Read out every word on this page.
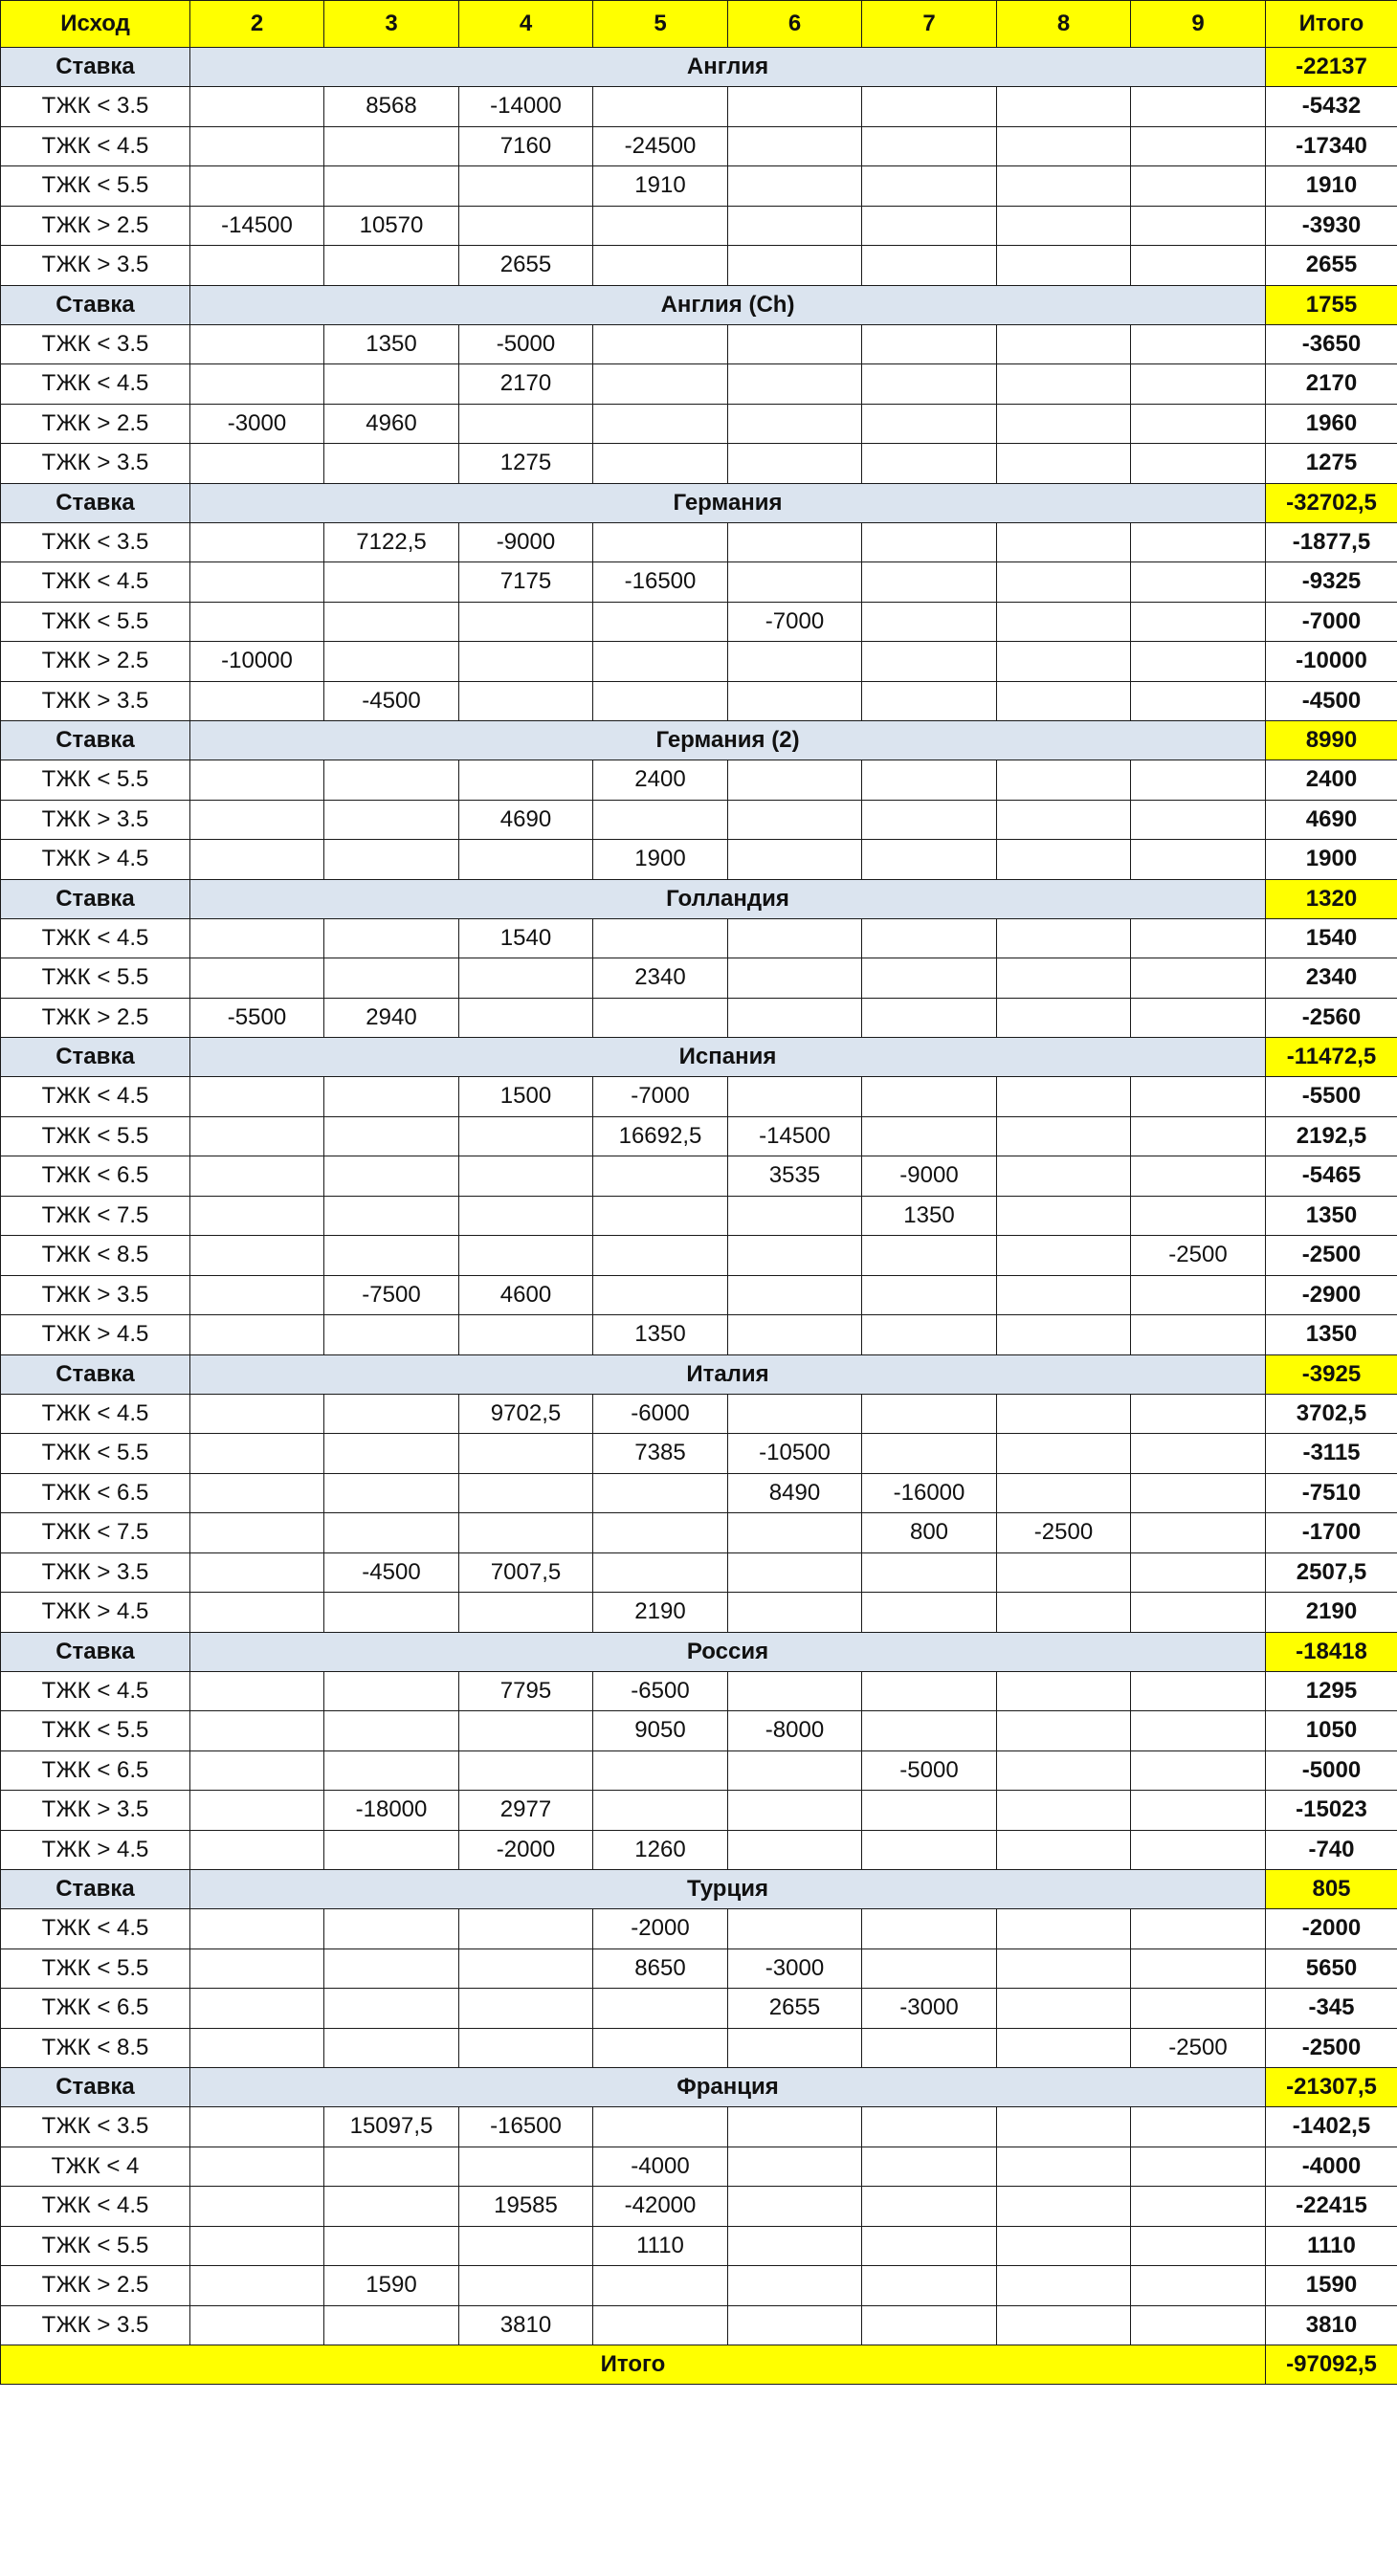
Исход	2	3	4	5	6	7	8	9	Итого
Ставка	Англия								-22137
ТЖК < 3.5		8568	-14000						-5432
ТЖК < 4.5			7160	-24500					-17340
ТЖК < 5.5				1910					1910
ТЖК > 2.5	-14500	10570							-3930
ТЖК > 3.5			2655						2655
Ставка	Англия (Ch)								1755
ТЖК < 3.5		1350	-5000						-3650
ТЖК < 4.5			2170						2170
ТЖК > 2.5	-3000	4960							1960
ТЖК > 3.5			1275						1275
Ставка	Германия								-32702,5
ТЖК < 3.5		7122,5	-9000						-1877,5
ТЖК < 4.5			7175	-16500					-9325
ТЖК < 5.5					-7000				-7000
ТЖК > 2.5	-10000								-10000
ТЖК > 3.5		-4500							-4500
Ставка	Германия (2)								8990
ТЖК < 5.5				2400					2400
ТЖК > 3.5			4690						4690
ТЖК > 4.5				1900					1900
Ставка	Голландия								1320
ТЖК < 4.5			1540						1540
ТЖК < 5.5				2340					2340
ТЖК > 2.5	-5500	2940							-2560
Ставка	Испания								-11472,5
ТЖК < 4.5			1500	-7000					-5500
ТЖК < 5.5				16692,5	-14500				2192,5
ТЖК < 6.5					3535	-9000			-5465
ТЖК < 7.5						1350			1350
ТЖК < 8.5								-2500	-2500
ТЖК > 3.5		-7500	4600						-2900
ТЖК > 4.5				1350					1350
Ставка	Италия								-3925
ТЖК < 4.5			9702,5	-6000					3702,5
ТЖК < 5.5				7385	-10500				-3115
ТЖК < 6.5					8490	-16000			-7510
ТЖК < 7.5						800	-2500		-1700
ТЖК > 3.5		-4500	7007,5						2507,5
ТЖК > 4.5				2190					2190
Ставка	Россия								-18418
ТЖК < 4.5			7795	-6500					1295
ТЖК < 5.5				9050	-8000				1050
ТЖК < 6.5						-5000			-5000
ТЖК > 3.5		-18000	2977						-15023
ТЖК > 4.5			-2000	1260					-740
Ставка	Турция								805
ТЖК < 4.5				-2000					-2000
ТЖК < 5.5				8650	-3000				5650
ТЖК < 6.5					2655	-3000			-345
ТЖК < 8.5								-2500	-2500
Ставка	Франция								-21307,5
ТЖК < 3.5		15097,5	-16500						-1402,5
ТЖК < 4				-4000					-4000
ТЖК < 4.5			19585	-42000					-22415
ТЖК < 5.5				1110					1110
ТЖК > 2.5		1590							1590
ТЖК > 3.5			3810						3810
Итого									-97092,5
